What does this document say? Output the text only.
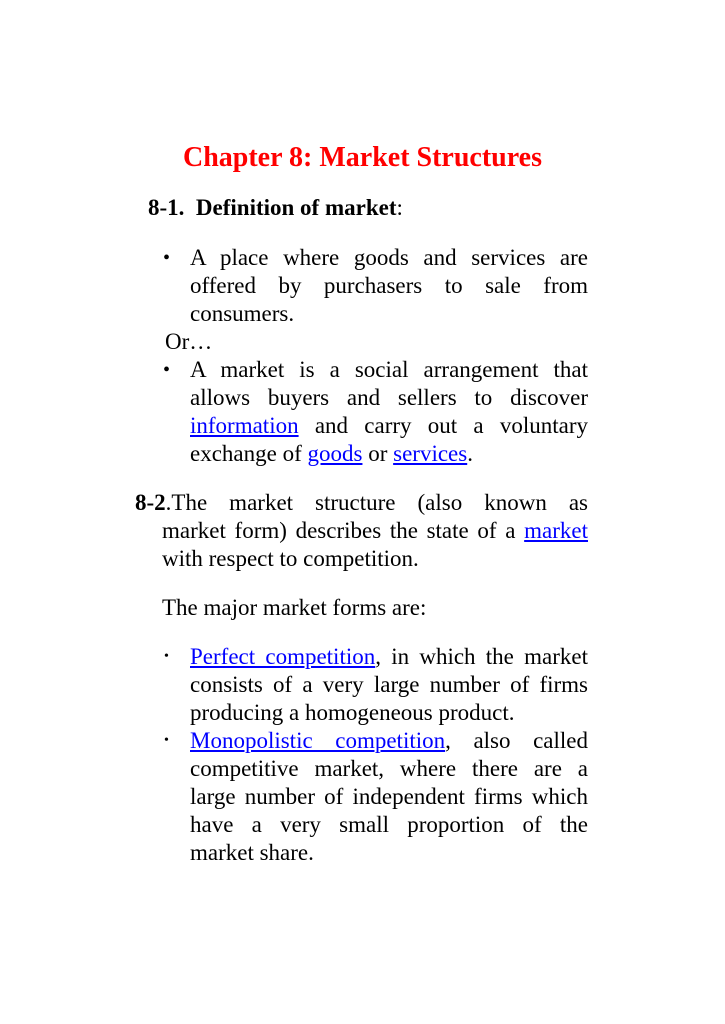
Chapter 8: Market Structures
8-1. Definition of market:
• A place where goods and services are
offered by purchasers to sale from
consumers.
Or…
• A market is a social arrangement that
allows buyers and sellers to discover
information and carry out a voluntary
exchange of goods or services.
8-2.The market structure (also known as
market form) describes the state of a market
with respect to competition.
The major market forms are:
• Perfect competition, in which the market
consists of a very large number of firms
producing a homogeneous product.
• Monopolistic competition, also called
competitive market, where there are a
large number of independent firms which
have a very small proportion of the
market share.
